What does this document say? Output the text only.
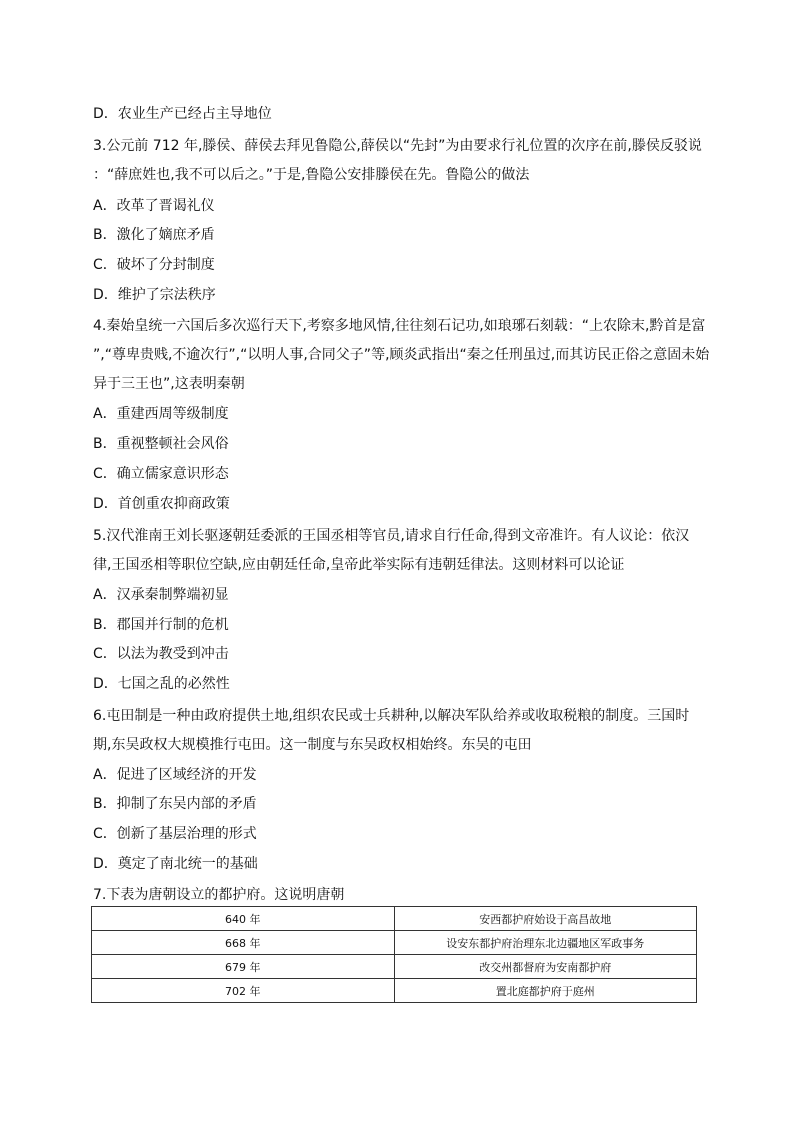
D．农业生产已经占主导地位
3.公元前 712 年,滕侯、薛侯去拜见鲁隐公,薛侯以“先封”为由要求行礼位置的次序在前,滕侯反驳说
：“薛庶姓也,我不可以后之。”于是,鲁隐公安排滕侯在先。鲁隐公的做法
A．改革了晋谒礼仪
B．激化了嫡庶矛盾
C．破坏了分封制度
D．维护了宗法秩序
4.秦始皇统一六国后多次巡行天下,考察多地风情,往往刻石记功,如琅琊石刻载：“上农除末,黔首是富
”,“尊卑贵贱,不逾次行”,“以明人事,合同父子”等,顾炎武指出“秦之任刑虽过,而其访民正俗之意固未始
异于三王也”,这表明秦朝
A．重建西周等级制度
B．重视整顿社会风俗
C．确立儒家意识形态
D．首创重农抑商政策
5.汉代淮南王刘长驱逐朝廷委派的王国丞相等官员,请求自行任命,得到文帝准许。有人议论：依汉
律,王国丞相等职位空缺,应由朝廷任命,皇帝此举实际有违朝廷律法。这则材料可以论证
A．汉承秦制弊端初显
B．郡国并行制的危机
C．以法为教受到冲击
D．七国之乱的必然性
6.屯田制是一种由政府提供土地,组织农民或士兵耕种,以解决军队给养或收取税粮的制度。三国时
期,东吴政权大规模推行屯田。这一制度与东吴政权相始终。东吴的屯田
A．促进了区域经济的开发
B．抑制了东吴内部的矛盾
C．创新了基层治理的形式
D．奠定了南北统一的基础
7.下表为唐朝设立的都护府。这说明唐朝
640 年	安西都护府始设于高昌故地
668 年	设安东都护府治理东北边疆地区军政事务
679 年	改交州都督府为安南都护府
702 年	置北庭都护府于庭州
